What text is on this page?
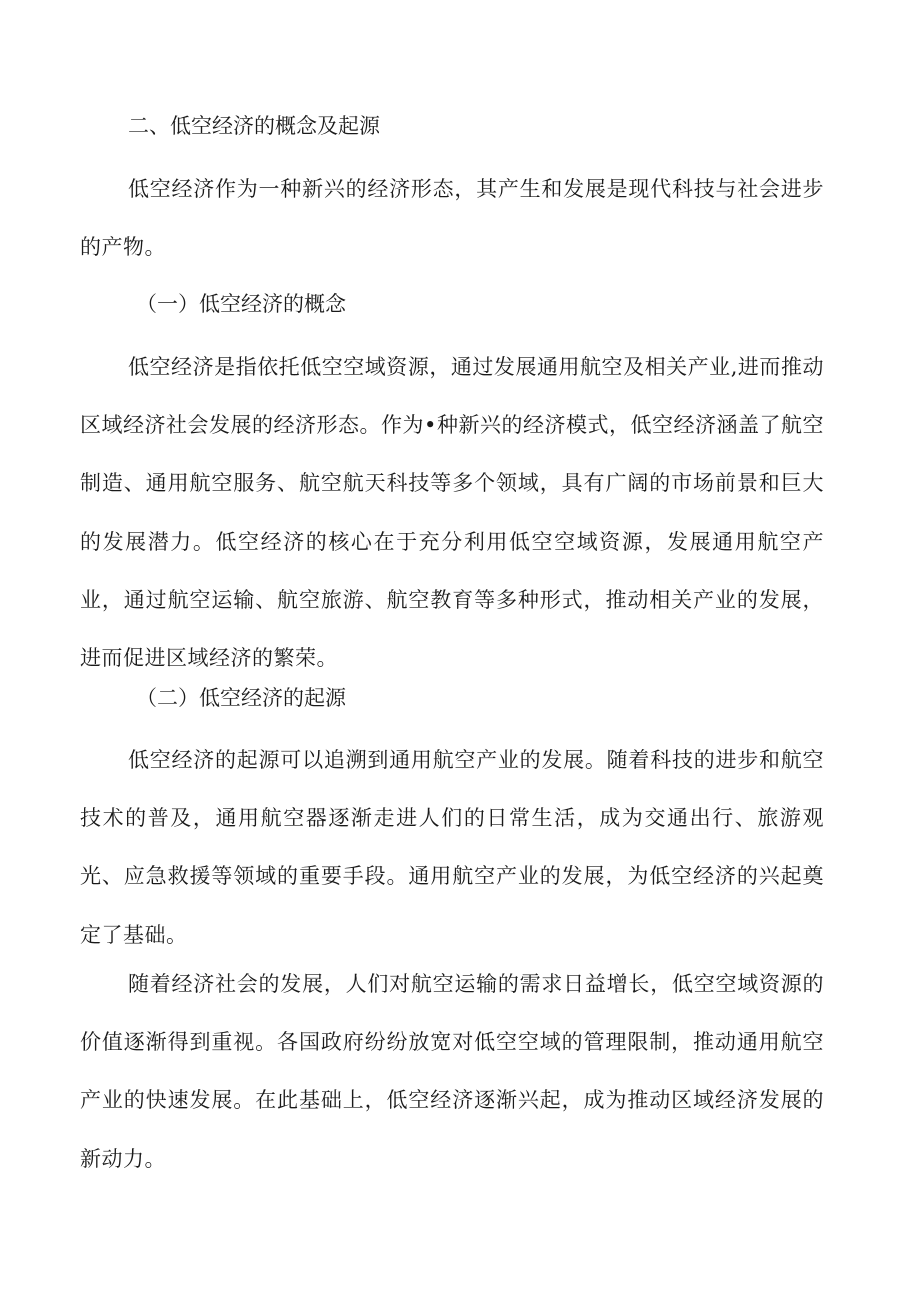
二、低空经济的概念及起源

低空经济作为一种新兴的经济形态，其产生和发展是现代科技与社会进步的产物。

（一）低空经济的概念

低空经济是指依托低空空域资源，通过发展通用航空及相关产业,进而推动区域经济社会发展的经济形态。作为•种新兴的经济模式，低空经济涵盖了航空制造、通用航空服务、航空航天科技等多个领域，具有广阔的市场前景和巨大的发展潜力。低空经济的核心在于充分利用低空空域资源，发展通用航空产业，通过航空运输、航空旅游、航空教育等多种形式，推动相关产业的发展，进而促进区域经济的繁荣。

（二）低空经济的起源

低空经济的起源可以追溯到通用航空产业的发展。随着科技的进步和航空技术的普及，通用航空器逐渐走进人们的日常生活，成为交通出行、旅游观光、应急救援等领域的重要手段。通用航空产业的发展，为低空经济的兴起奠定了基础。

随着经济社会的发展，人们对航空运输的需求日益增长，低空空域资源的价值逐渐得到重视。各国政府纷纷放宽对低空空域的管理限制，推动通用航空产业的快速发展。在此基础上，低空经济逐渐兴起，成为推动区域经济发展的新动力。
